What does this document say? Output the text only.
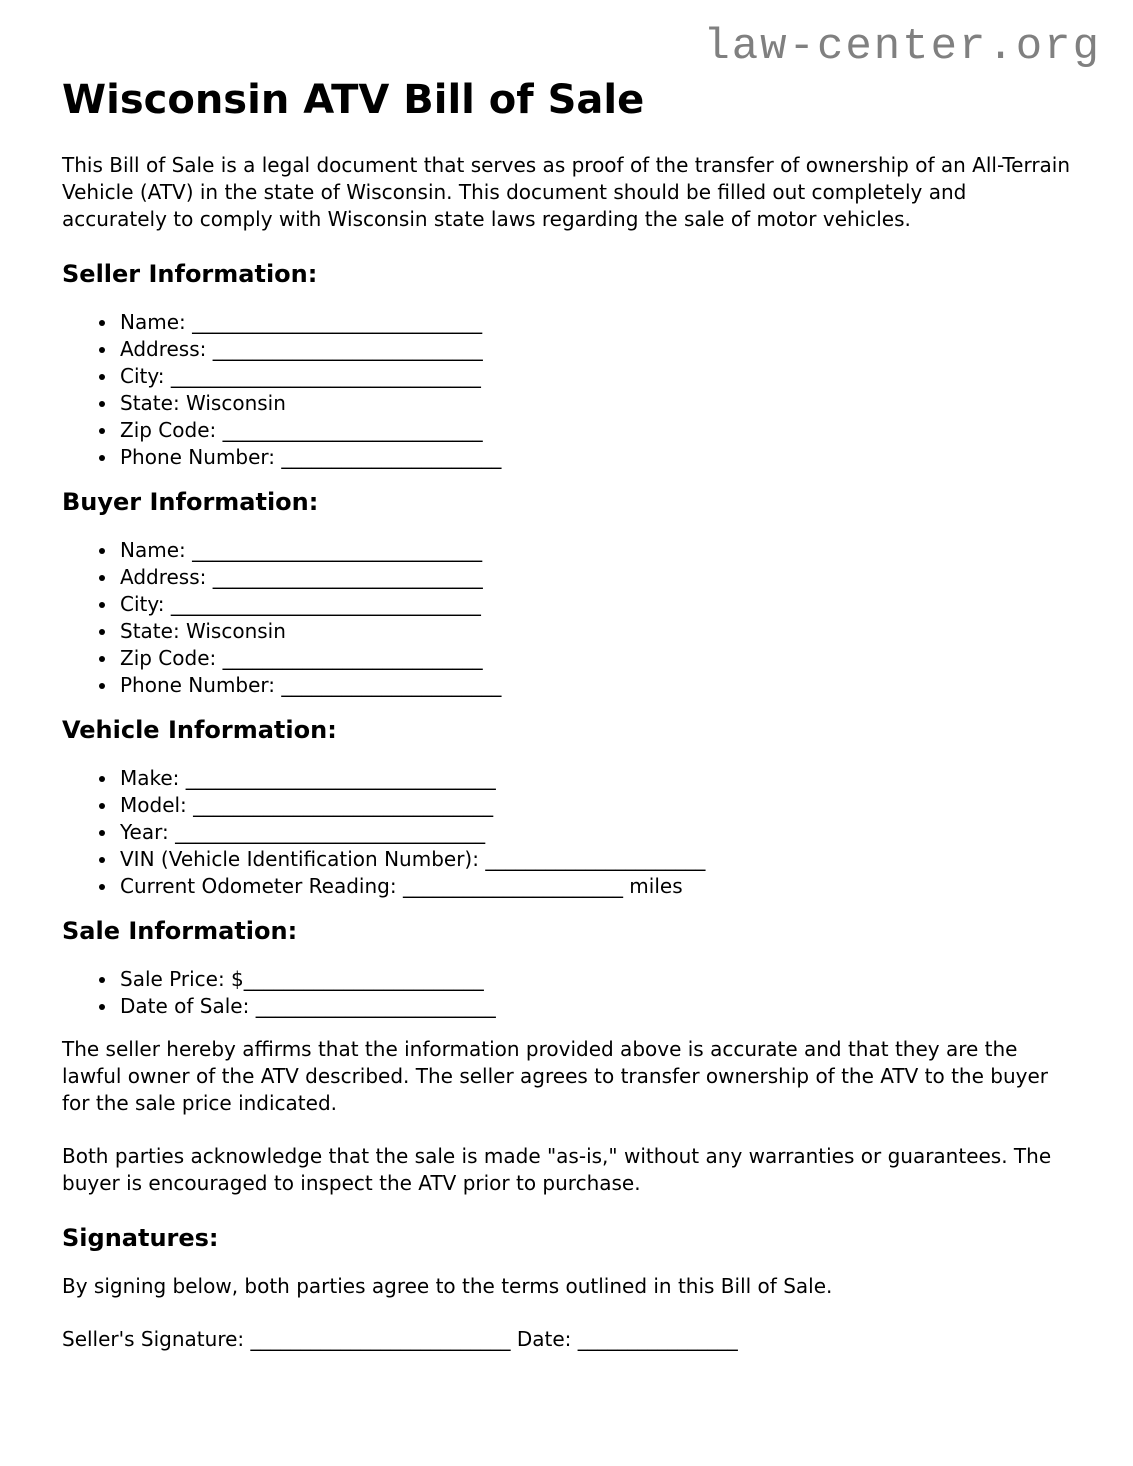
law-center.org
Wisconsin ATV Bill of Sale

This Bill of Sale is a legal document that serves as proof of the transfer of ownership of an All-Terrain Vehicle (ATV) in the state of Wisconsin. This document should be filled out completely and accurately to comply with Wisconsin state laws regarding the sale of motor vehicles.

Seller Information:
• Name: _____________________________
• Address: ___________________________
• City: _______________________________
• State: Wisconsin
• Zip Code: __________________________
• Phone Number: ______________________
Buyer Information:
• Name: _____________________________
• Address: ___________________________
• City: _______________________________
• State: Wisconsin
• Zip Code: __________________________
• Phone Number: ______________________
Vehicle Information:
• Make: _______________________________
• Model: ______________________________
• Year: _______________________________
• VIN (Vehicle Identification Number): ______________________
• Current Odometer Reading: ______________________ miles
Sale Information:
• Sale Price: $________________________
• Date of Sale: ________________________

The seller hereby affirms that the information provided above is accurate and that they are the lawful owner of the ATV described. The seller agrees to transfer ownership of the ATV to the buyer for the sale price indicated.

Both parties acknowledge that the sale is made "as-is," without any warranties or guarantees. The buyer is encouraged to inspect the ATV prior to purchase.

Signatures:

By signing below, both parties agree to the terms outlined in this Bill of Sale.

Seller's Signature: __________________________ Date: ________________
